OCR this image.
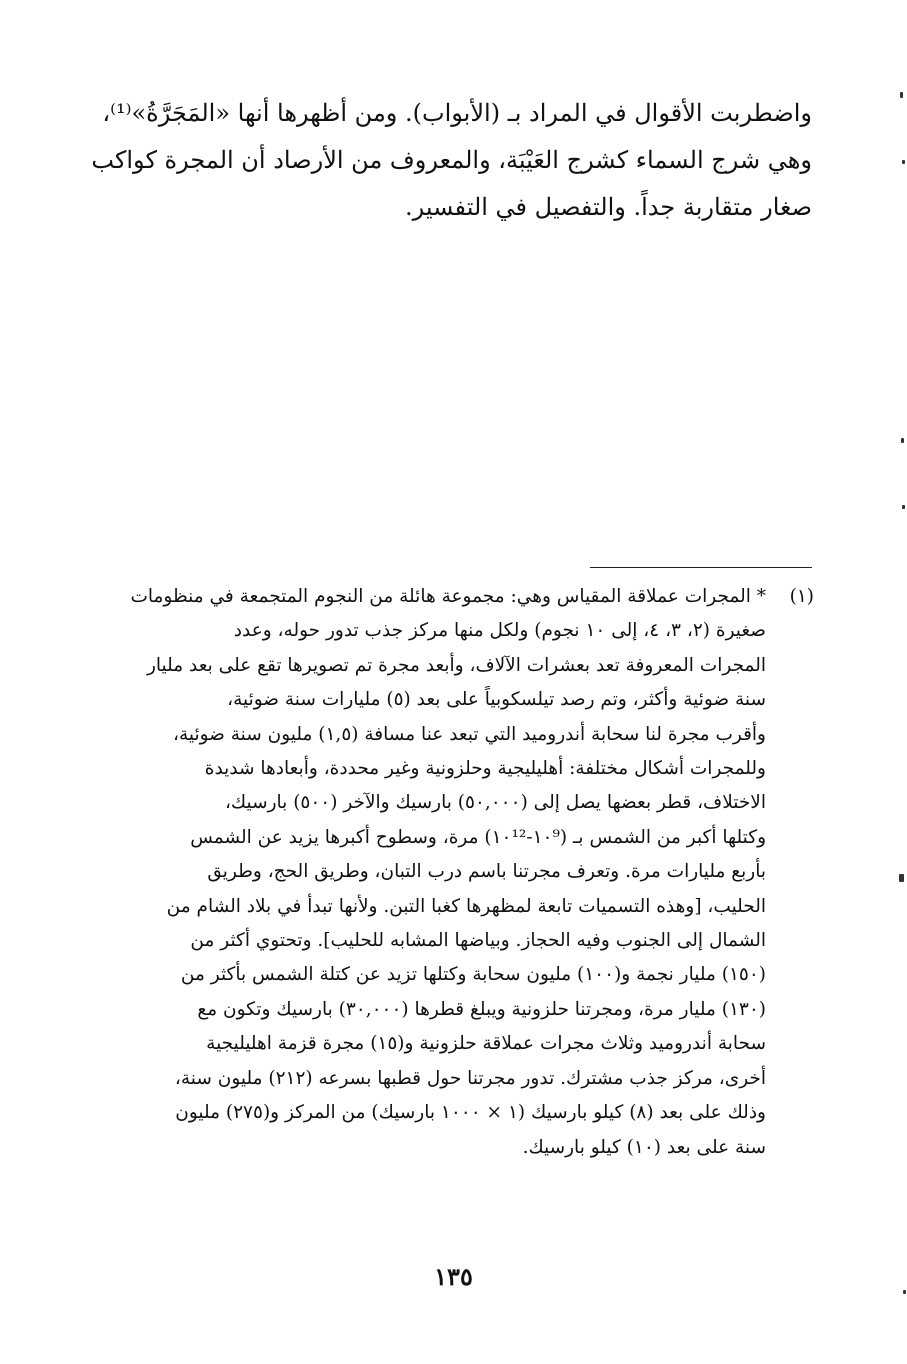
واضطربت الأقوال في المراد بـ (الأبواب). ومن أظهرها أنها «المَجَرَّةُ»⁽¹⁾،
وهي شرج السماء كشرج العَيْبَة، والمعروف من الأرصاد أن المجرة كواكب
صغار متقاربة جداً. والتفصيل في التفسير.
(١)* المجرات عملاقة المقياس وهي: مجموعة هائلة من النجوم المتجمعة في منظومات
صغيرة (٢، ٣، ٤، إلى ١٠ نجوم) ولكل منها مركز جذب تدور حوله، وعدد
المجرات المعروفة تعد بعشرات الآلاف، وأبعد مجرة تم تصويرها تقع على بعد مليار
سنة ضوئية وأكثر، وتم رصد تيلسكوبياً على بعد (٥) مليارات سنة ضوئية،
وأقرب مجرة لنا سحابة أندروميد التي تبعد عنا مسافة (١,٥) مليون سنة ضوئية،
وللمجرات أشكال مختلفة: أهليليجية وحلزونية وغير محددة، وأبعادها شديدة
الاختلاف، قطر بعضها يصل إلى (٥٠,٠٠٠) بارسيك والآخر (٥٠٠) بارسيك،
وكتلها أكبر من الشمس بـ (١٠⁹-١٠¹²) مرة، وسطوح أكبرها يزيد عن الشمس
بأربع مليارات مرة. وتعرف مجرتنا باسم درب التبان، وطريق الحج، وطريق
الحليب، [وهذه التسميات تابعة لمظهرها كغبا التبن. ولأنها تبدأ في بلاد الشام من
الشمال إلى الجنوب وفيه الحجاز. وبياضها المشابه للحليب]. وتحتوي أكثر من
(١٥٠) مليار نجمة و(١٠٠) مليون سحابة وكتلها تزيد عن كتلة الشمس بأكثر من
(١٣٠) مليار مرة، ومجرتنا حلزونية ويبلغ قطرها (٣٠,٠٠٠) بارسيك وتكون مع
سحابة أندروميد وثلاث مجرات عملاقة حلزونية و(١٥) مجرة قزمة اهليليجية
أخرى، مركز جذب مشترك. تدور مجرتنا حول قطبها بسرعه (٢١٢) مليون سنة،
وذلك على بعد (٨) كيلو بارسيك (١ × ١٠٠٠ بارسيك) من المركز و(٢٧٥) مليون
سنة على بعد (١٠) كيلو بارسيك.
١٣٥
